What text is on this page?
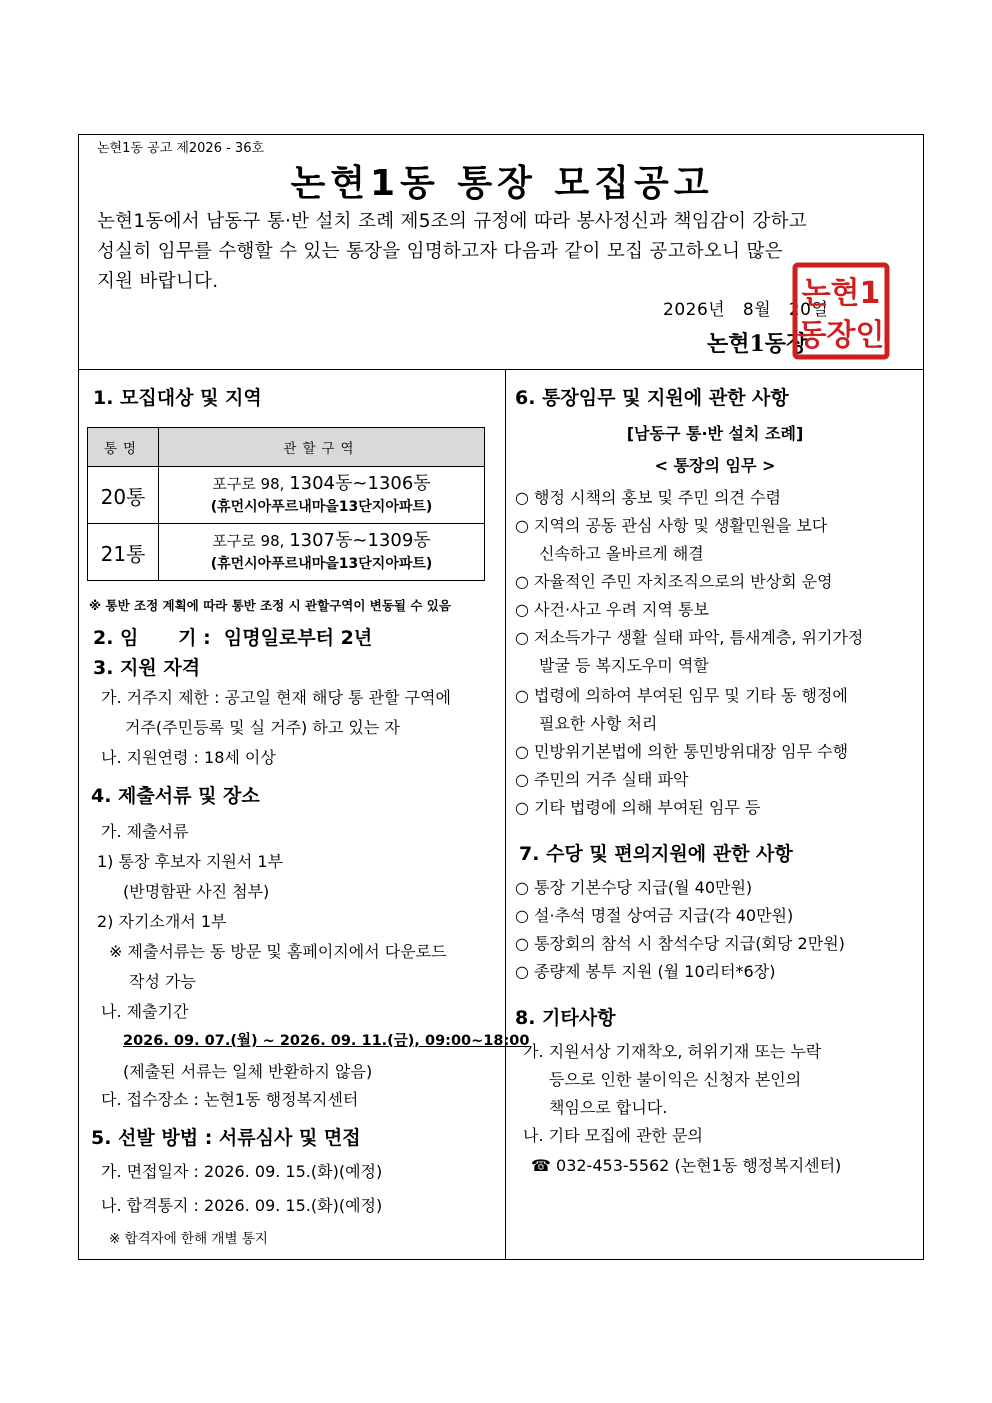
논현1동 공고 제2026 - 36호
논현1동 통장 모집공고
논현1동에서 남동구 통·반 설치 조례 제5조의 규정에 따라 봉사정신과 책임감이 강하고
성실히 임무를 수행할 수 있는 통장을 임명하고자 다음과 같이 모집 공고하오니 많은
지원 바랍니다.
2026년   8월   20일
논현1동장
논현1
동장인
1. 모집대상 및 지역
통명	관할구역
20통	포구로 98, 1304동~1306동
(휴먼시아푸르내마을13단지아파트)
21통	포구로 98, 1307동~1309동
(휴먼시아푸르내마을13단지아파트)
※ 통반 조정 계획에 따라 통반 조정 시 관할구역이 변동될 수 있음
2. 임      기 :  임명일로부터 2년
3. 지원 자격
가. 거주지 제한 : 공고일 현재 해당 통 관할 구역에
거주(주민등록 및 실 거주) 하고 있는 자
나. 지원연령 : 18세 이상
4. 제출서류 및 장소
가. 제출서류
1) 통장 후보자 지원서 1부
(반명함판 사진 첨부)
2) 자기소개서 1부
※ 제출서류는 동 방문 및 홈페이지에서 다운로드
작성 가능
나. 제출기간
2026. 09. 07.(월) ~ 2026. 09. 11.(금), 09:00~18:00
(제출된 서류는 일체 반환하지 않음)
다. 접수장소 : 논현1동 행정복지센터
5. 선발 방법 : 서류심사 및 면접
가. 면접일자 : 2026. 09. 15.(화)(예정)
나. 합격통지 : 2026. 09. 15.(화)(예정)
※ 합격자에 한해 개별 통지
6. 통장임무 및 지원에 관한 사항
[남동구 통·반 설치 조례]
< 통장의 임무 >
○ 행정 시책의 홍보 및 주민 의견 수렴
○ 지역의 공동 관심 사항 및 생활민원을 보다
신속하고 올바르게 해결
○ 자율적인 주민 자치조직으로의 반상회 운영
○ 사건·사고 우려 지역 통보
○ 저소득가구 생활 실태 파악, 틈새계층, 위기가정
발굴 등 복지도우미 역할
○ 법령에 의하여 부여된 임무 및 기타 동 행정에
필요한 사항 처리
○ 민방위기본법에 의한 통민방위대장 임무 수행
○ 주민의 거주 실태 파악
○ 기타 법령에 의해 부여된 임무 등
7. 수당 및 편의지원에 관한 사항
○ 통장 기본수당 지급(월 40만원)
○ 설·추석 명절 상여금 지급(각 40만원)
○ 통장회의 참석 시 참석수당 지급(회당 2만원)
○ 종량제 봉투 지원 (월 10리터*6장)
8. 기타사항
가. 지원서상 기재착오, 허위기재 또는 누락
등으로 인한 불이익은 신청자 본인의
책임으로 합니다.
나. 기타 모집에 관한 문의
☎ 032-453-5562 (논현1동 행정복지센터)
